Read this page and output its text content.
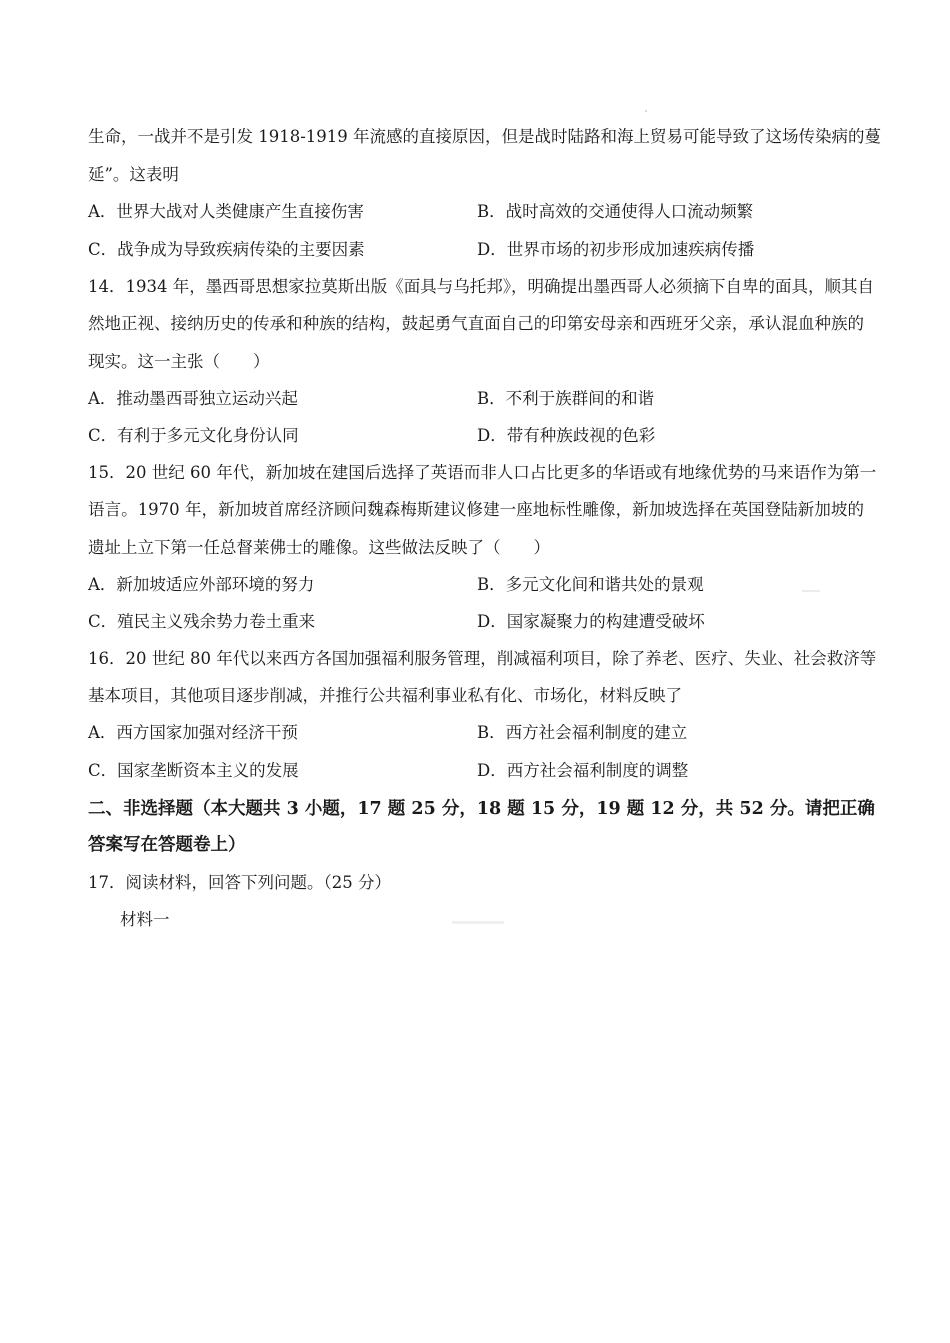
生命，一战并不是引发 1918-1919 年流感的直接原因，但是战时陆路和海上贸易可能导致了这场传染病的蔓
延”。这表明
A．世界大战对人类健康产生直接伤害	B．战时高效的交通使得人口流动频繁
C．战争成为导致疾病传染的主要因素	D．世界市场的初步形成加速疾病传播
14．1934 年，墨西哥思想家拉莫斯出版《面具与乌托邦》，明确提出墨西哥人必须摘下自卑的面具，顺其自
然地正视、接纳历史的传承和种族的结构，鼓起勇气直面自己的印第安母亲和西班牙父亲，承认混血种族的
现实。这一主张（　　）
A．推动墨西哥独立运动兴起	B．不利于族群间的和谐
C．有利于多元文化身份认同	D．带有种族歧视的色彩
15．20 世纪 60 年代，新加坡在建国后选择了英语而非人口占比更多的华语或有地缘优势的马来语作为第一
语言。1970 年，新加坡首席经济顾问魏森梅斯建议修建一座地标性雕像，新加坡选择在英国登陆新加坡的
遗址上立下第一任总督莱佛士的雕像。这些做法反映了（　　）
A．新加坡适应外部环境的努力	B．多元文化间和谐共处的景观
C．殖民主义残余势力卷土重来	D．国家凝聚力的构建遭受破坏
16．20 世纪 80 年代以来西方各国加强福利服务管理，削减福利项目，除了养老、医疗、失业、社会救济等
基本项目，其他项目逐步削减，并推行公共福利事业私有化、市场化，材料反映了
A．西方国家加强对经济干预	B．西方社会福利制度的建立
C．国家垄断资本主义的发展	D．西方社会福利制度的调整
二、非选择题（本大题共 3 小题，17 题 25 分，18 题 15 分，19 题 12 分，共 52 分。请把正确
答案写在答题卷上）
17．阅读材料，回答下列问题。（25 分）
材料一
